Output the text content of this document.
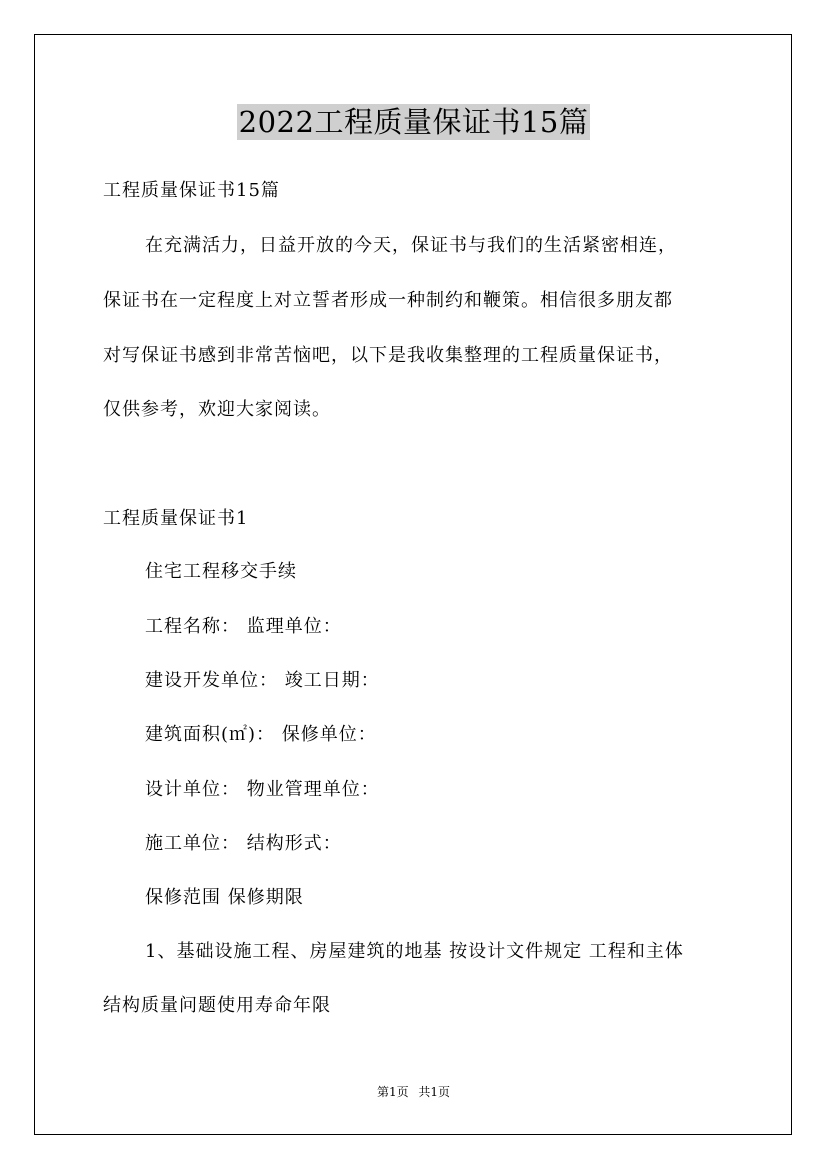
2022工程质量保证书15篇
工程质量保证书15篇
在充满活力，日益开放的今天，保证书与我们的生活紧密相连，
保证书在一定程度上对立誓者形成一种制约和鞭策。相信很多朋友都
对写保证书感到非常苦恼吧，以下是我收集整理的工程质量保证书，
仅供参考，欢迎大家阅读。
工程质量保证书1
住宅工程移交手续
工程名称： 监理单位：
建设开发单位： 竣工日期：
建筑面积(㎡)： 保修单位：
设计单位： 物业管理单位：
施工单位： 结构形式：
保修范围 保修期限
1、基础设施工程、房屋建筑的地基 按设计文件规定 工程和主体
结构质量问题使用寿命年限
第1页 共1页
